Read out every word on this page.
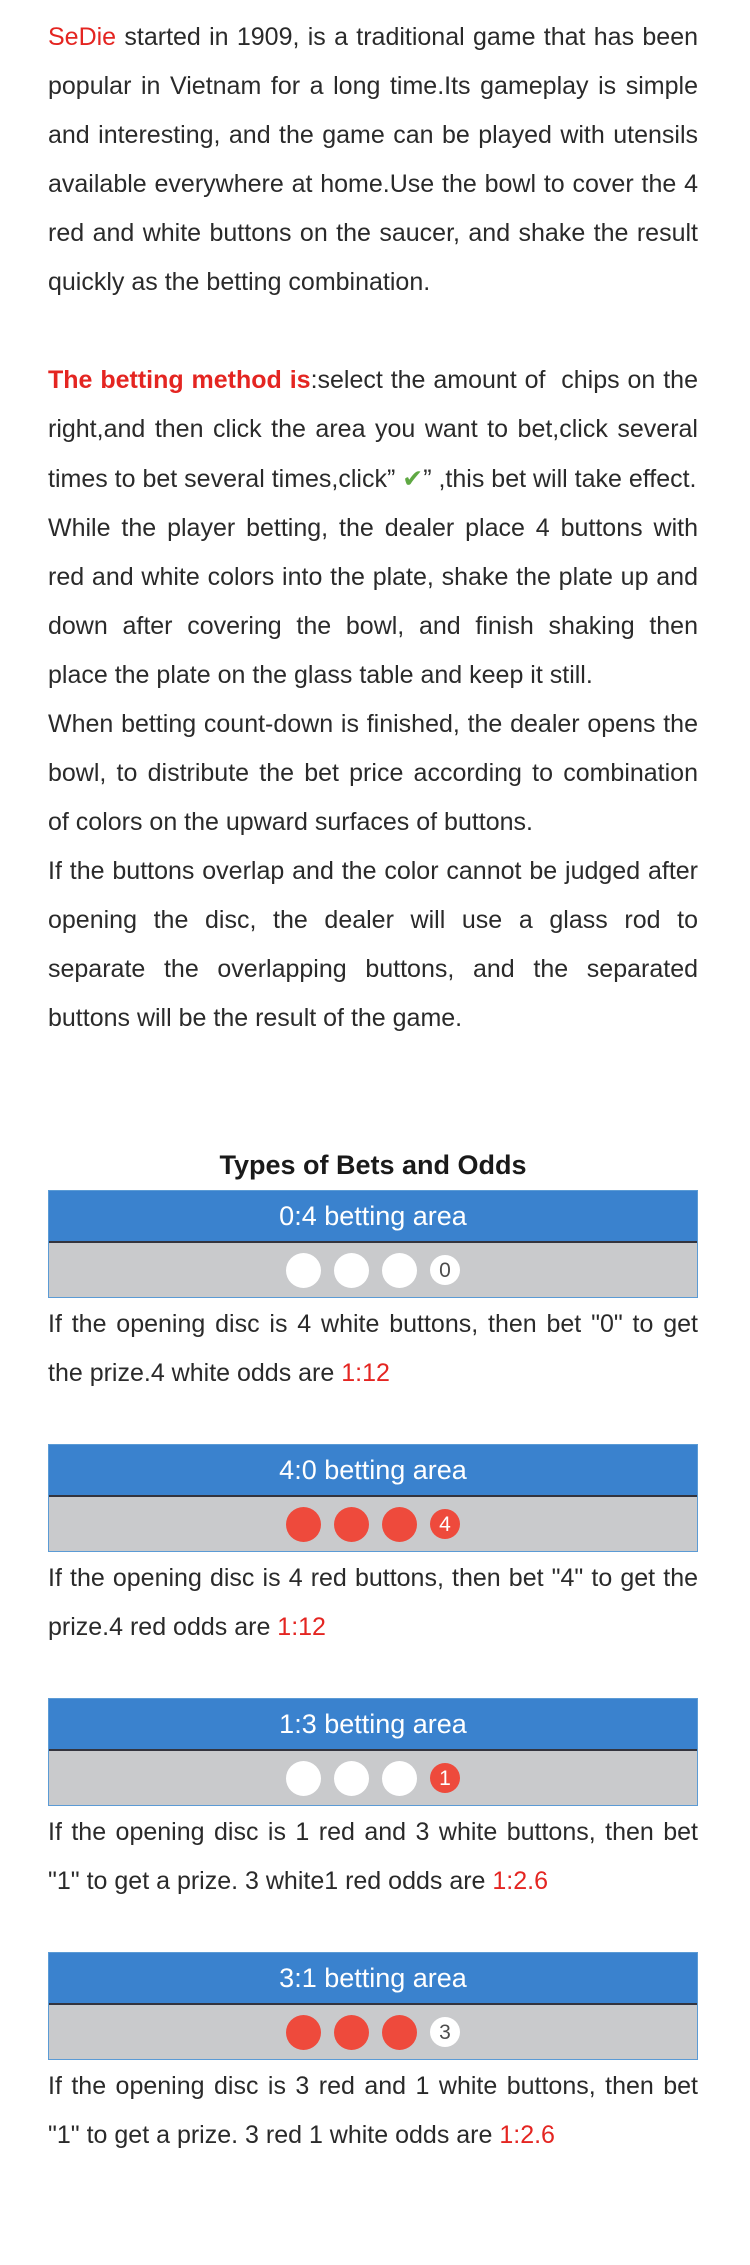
SeDie started in 1909, is a traditional game that has been popular in Vietnam for a long time.Its gameplay is simple and interesting, and the game can be played with utensils available everywhere at home.Use the bowl to cover the 4 red and white buttons on the saucer, and shake the result quickly as the betting combination.

The betting method is:select the amount of  chips on the right,and then click the area you want to bet,click several times to bet several times,click” ✔” ,this bet will take effect.

While the player betting, the dealer place 4 buttons with red and white colors into the plate, shake the plate up and down after covering the bowl, and finish shaking then place the plate on the glass table and keep it still.

When betting count-down is finished, the dealer opens the bowl, to distribute the bet price according to combination of colors on the upward surfaces of buttons.

If the buttons overlap and the color cannot be judged after opening the disc, the dealer will use a glass rod to separate the overlapping buttons, and the separated buttons will be the result of the game.

Types of Bets and Odds
0:4 betting area
0

If the opening disc is 4 white buttons, then bet "0" to get the prize.4 white odds are 1:12

4:0 betting area
4

If the opening disc is 4 red buttons, then bet "4" to get the prize.4 red odds are 1:12

1:3 betting area
1

If the opening disc is 1 red and 3 white buttons, then bet "1" to get a prize. 3 white1 red odds are 1:2.6

3:1 betting area
3

If the opening disc is 3 red and 1 white buttons, then bet "1" to get a prize. 3 red 1 white odds are 1:2.6
